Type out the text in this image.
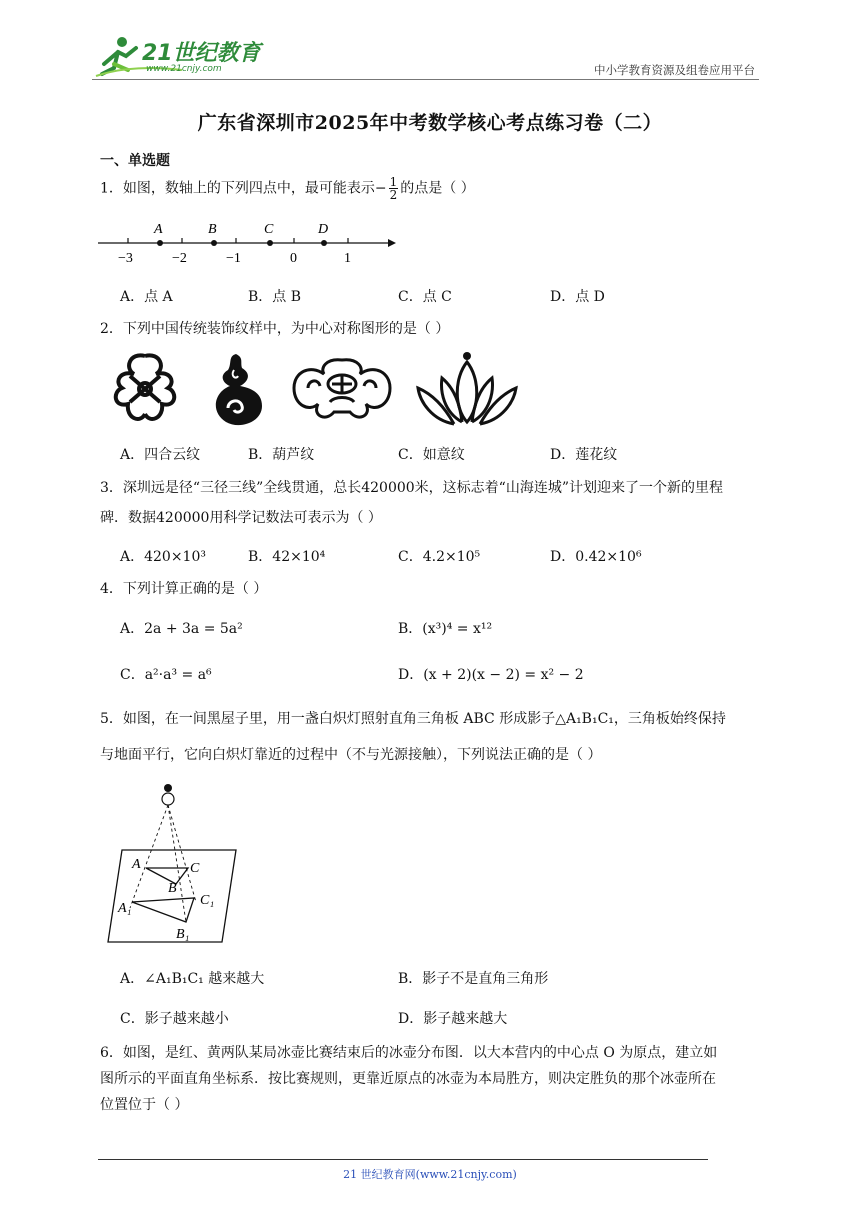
21世纪教育
www.21cnjy.com	中小学教育资源及组卷应用平台
广东省深圳市2025年中考数学核心考点练习卷（二）
一、单选题
1．如图，数轴上的下列四点中，最可能表示− $\frac{1}{2}$ 的点是（ ）
A	B	C	D
−3	−2	−1	0	1
A．点 A	B．点 B	C．点 C	D．点 D
2．下列中国传统装饰纹样中，为中心对称图形的是（ ）
A．四合云纹	B．葫芦纹	C．如意纹	D．莲花纹
3．深圳远是径“三径三线”全线贯通，总长420000米，这标志着“山海连城”计划迎来了一个新的里程
碑．数据420000用科学记数法可表示为（ ）
A．420×10³	B．42×10⁴	C．4.2×10⁵	D．0.42×10⁶
4．下列计算正确的是（ ）
A．2a + 3a = 5a²	B．(x³)⁴ = x¹²
C．a²·a³ = a⁶	D．(x + 2)(x − 2) = x² − 2
5．如图，在一间黑屋子里，用一盏白炽灯照射直角三角板 ABC 形成影子△A₁B₁C₁，三角板始终保持
与地面平行，它向白炽灯靠近的过程中（不与光源接触），下列说法正确的是（ ）
A
B
C
A₁
B₁
C₁
A．∠A₁B₁C₁ 越来越大	B．影子不是直角三角形
C．影子越来越小	D．影子越来越大
6．如图，是红、黄两队某局冰壶比赛结束后的冰壶分布图．以大本营内的中心点 O 为原点，建立如
图所示的平面直角坐标系．按比赛规则，更靠近原点的冰壶为本局胜方，则决定胜负的那个冰壶所在
位置位于（ ）
21 世纪教育网(www.21cnjy.com)
